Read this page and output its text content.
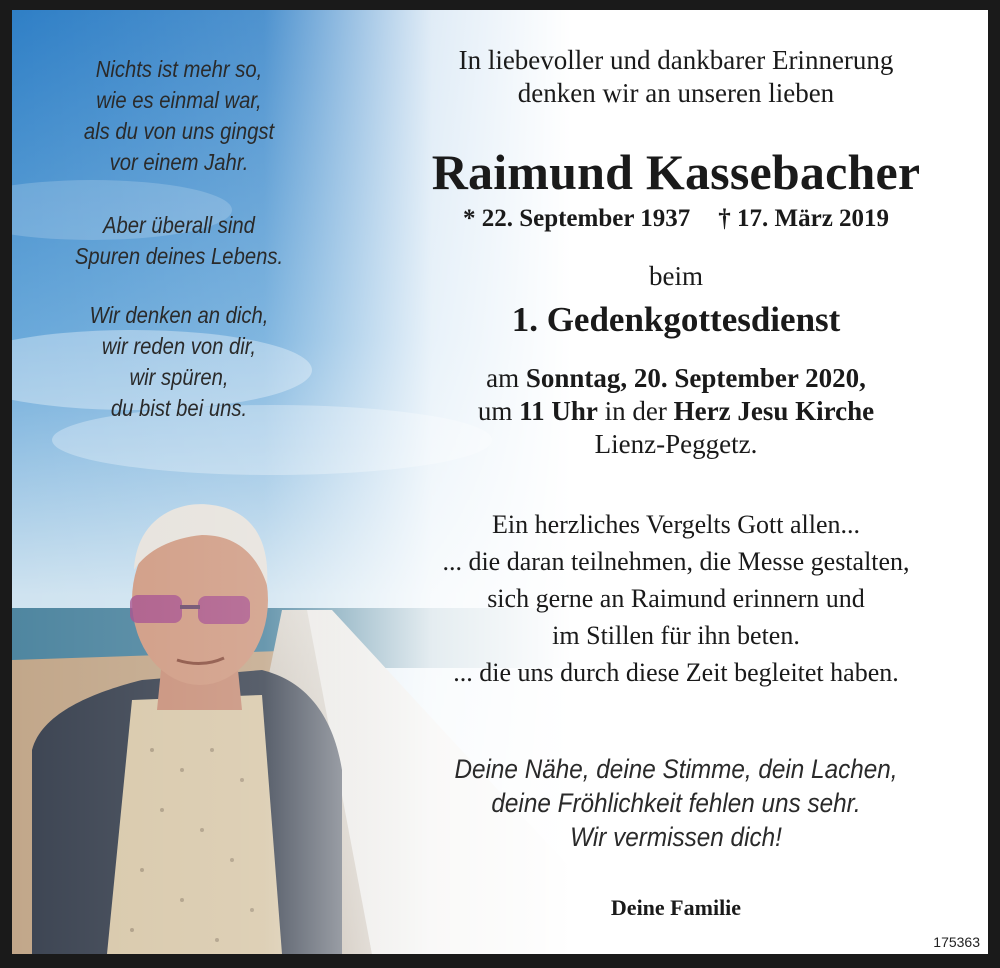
Nichts ist mehr so,
wie es einmal war,
als du von uns gingst
vor einem Jahr.
Aber überall sind
Spuren deines Lebens.
Wir denken an dich,
wir reden von dir,
wir spüren,
du bist bei uns.
In liebevoller und dankbarer Erinnerung
denken wir an unseren lieben
Raimund Kassebacher
* 22. September 1937 † 17. März 2019
beim
1. Gedenkgottesdienst
am Sonntag, 20. September 2020,
um 11 Uhr in der Herz Jesu Kirche
Lienz-Peggetz.
Ein herzliches Vergelts Gott allen...
... die daran teilnehmen, die Messe gestalten,
sich gerne an Raimund erinnern und
im Stillen für ihn beten.
... die uns durch diese Zeit begleitet haben.
Deine Nähe, deine Stimme, dein Lachen,
deine Fröhlichkeit fehlen uns sehr.
Wir vermissen dich!
Deine Familie
175363
